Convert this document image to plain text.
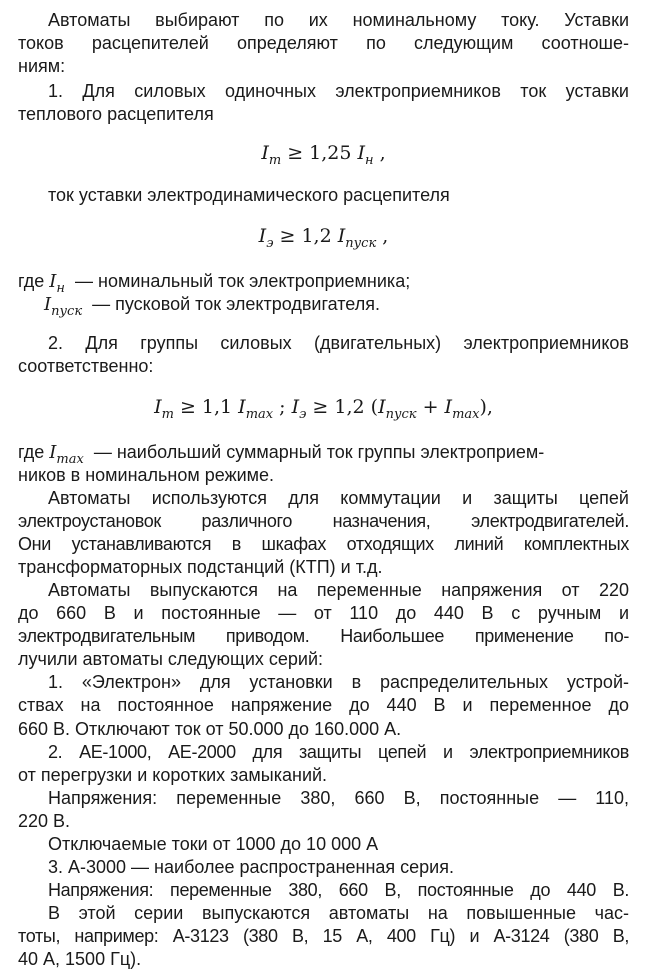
Автоматы выбирают по их номинальному току. Уставки
токов расцепителей определяют по следующим соотноше-
ниям:
1. Для силовых одиночных электроприемников ток уставки
теплового расцепителя
$I_m \ge 1,25$ $I_н$ ,
ток уставки электродинамического расцепителя
$I_э \ge 1,2$ $I_{пуск}$ ,
где $I_н$ — номинальный ток электроприемника;
$I_{пуск}$ — пусковой ток электродвигателя.
2. Для группы силовых (двигательных) электроприемников
соответственно:
$I_m \ge 1,1$ $I_{max}$ ; $I_э \ge 1,2$ $(I_{пуск} + I_{max})$,
где $I_{max}$ — наибольший суммарный ток группы электроприем-
ников в номинальном режиме.
Автоматы используются для коммутации и защиты цепей
электроустановок различного назначения, электродвигателей.
Они устанавливаются в шкафах отходящих линий комплектных
трансформаторных подстанций (КТП) и т.д.
Автоматы выпускаются на переменные напряжения от 220
до 660 В и постоянные — от 110 до 440 В с ручным и
электродвигательным приводом. Наибольшее применение по-
лучили автоматы следующих серий:
1. «Электрон» для установки в распределительных устрой-
ствах на постоянное напряжение до 440 В и переменное до
660 В. Отключают ток от 50.000 до 160.000 А.
2. АЕ-1000, АЕ-2000 для защиты цепей и электроприемников
от перегрузки и коротких замыканий.
Напряжения: переменные 380, 660 В, постоянные — 110,
220 В.
Отключаемые токи от 1000 до 10 000 А
3. А-3000 — наиболее распространенная серия.
Напряжения: переменные 380, 660 В, постоянные до 440 В.
В этой серии выпускаются автоматы на повышенные час-
тоты, например: А-3123 (380 В, 15 А, 400 Гц) и А-3124 (380 В,
40 А, 1500 Гц).
